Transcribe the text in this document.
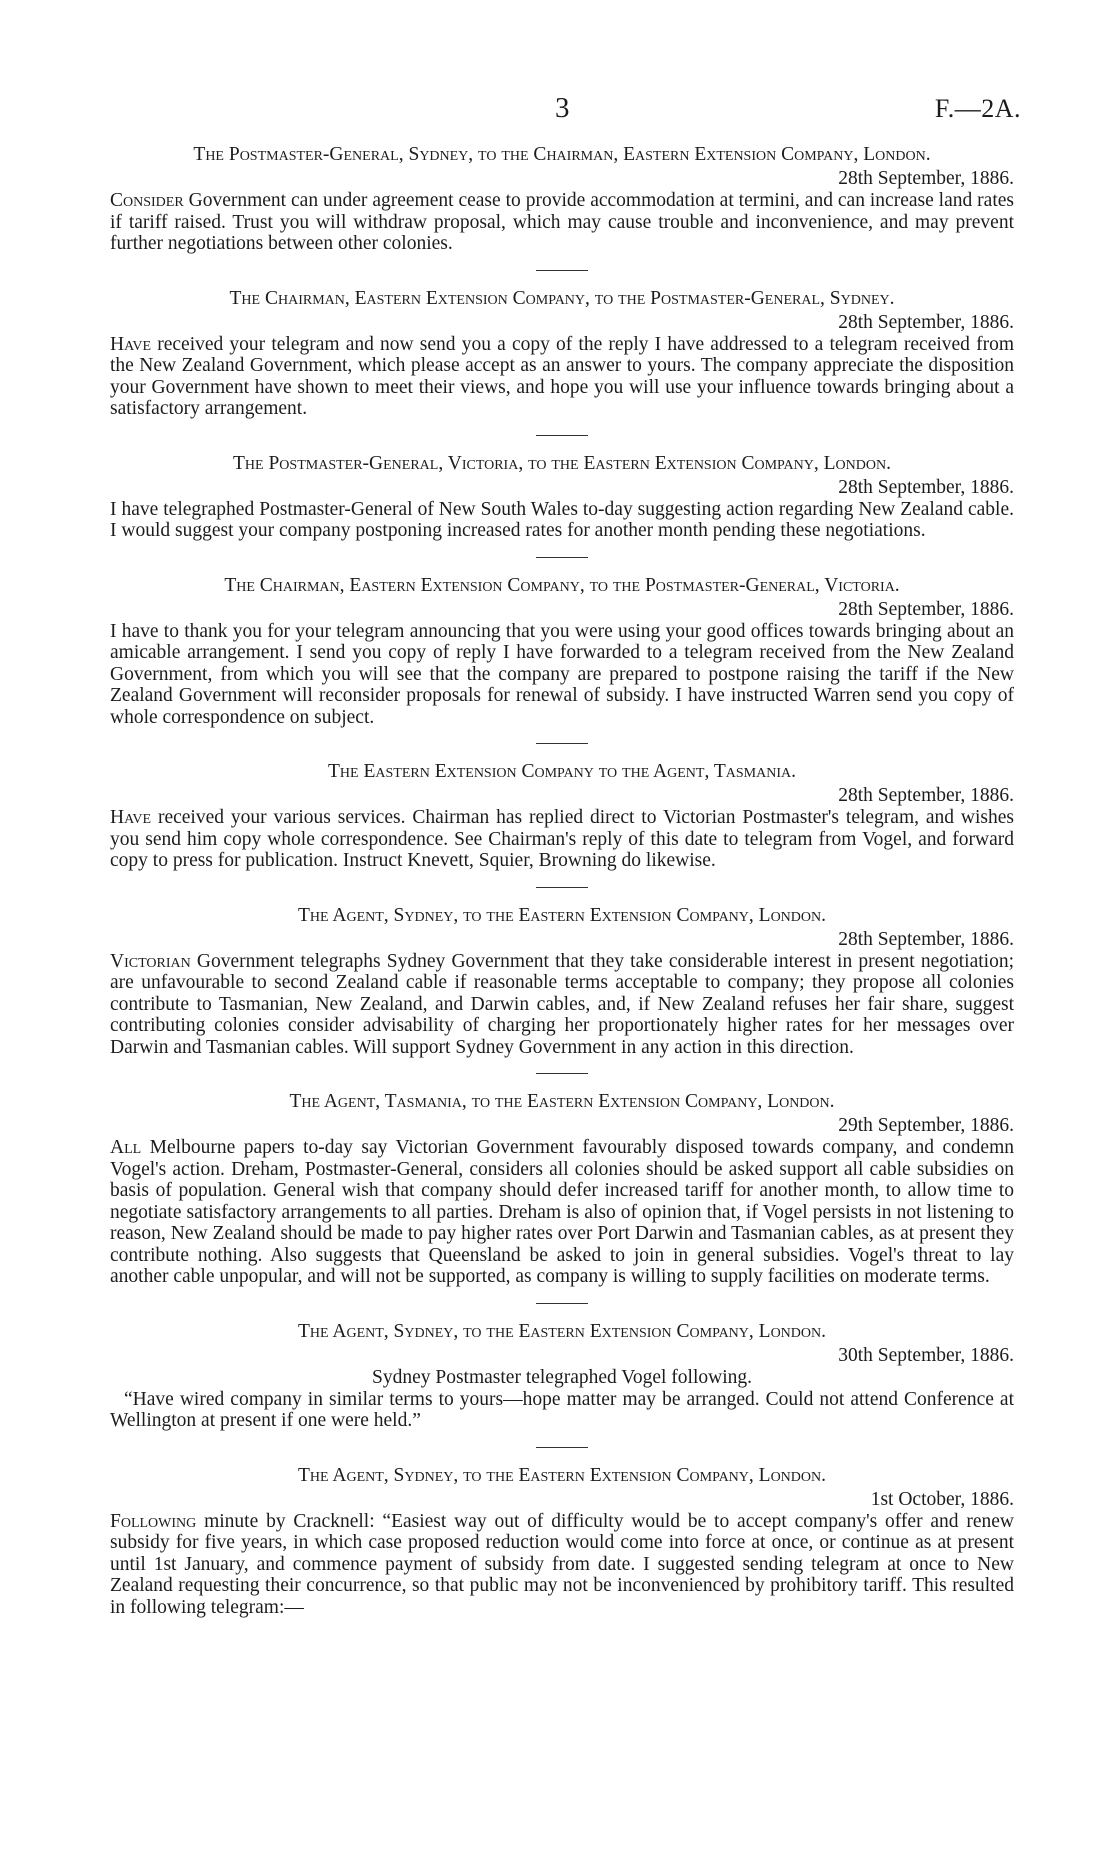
3	F.—2A.

The Postmaster-General, Sydney, to the Chairman, Eastern Extension Company, London.

28th September, 1886.

Consider Government can under agreement cease to provide accommodation at termini, and can increase land rates if tariff raised. Trust you will withdraw proposal, which may cause trouble and inconvenience, and may prevent further negotiations between other colonies.

The Chairman, Eastern Extension Company, to the Postmaster-General, Sydney.

28th September, 1886.

Have received your telegram and now send you a copy of the reply I have addressed to a telegram received from the New Zealand Government, which please accept as an answer to yours. The company appreciate the disposition your Government have shown to meet their views, and hope you will use your influence towards bringing about a satisfactory arrangement.

The Postmaster-General, Victoria, to the Eastern Extension Company, London.

28th September, 1886.

I have telegraphed Postmaster-General of New South Wales to-day suggesting action regarding New Zealand cable. I would suggest your company postponing increased rates for another month pending these negotiations.

The Chairman, Eastern Extension Company, to the Postmaster-General, Victoria.

28th September, 1886.

I have to thank you for your telegram announcing that you were using your good offices towards bringing about an amicable arrangement. I send you copy of reply I have forwarded to a telegram received from the New Zealand Government, from which you will see that the company are prepared to postpone raising the tariff if the New Zealand Government will reconsider proposals for renewal of subsidy. I have instructed Warren send you copy of whole correspondence on subject.

The Eastern Extension Company to the Agent, Tasmania.

28th September, 1886.

Have received your various services. Chairman has replied direct to Victorian Postmaster's telegram, and wishes you send him copy whole correspondence. See Chairman's reply of this date to telegram from Vogel, and forward copy to press for publication. Instruct Knevett, Squier, Browning do likewise.

The Agent, Sydney, to the Eastern Extension Company, London.

28th September, 1886.

Victorian Government telegraphs Sydney Government that they take considerable interest in present negotiation; are unfavourable to second Zealand cable if reasonable terms acceptable to company; they propose all colonies contribute to Tasmanian, New Zealand, and Darwin cables, and, if New Zealand refuses her fair share, suggest contributing colonies consider advisability of charging her proportionately higher rates for her messages over Darwin and Tasmanian cables. Will support Sydney Government in any action in this direction.

The Agent, Tasmania, to the Eastern Extension Company, London.

29th September, 1886.

All Melbourne papers to-day say Victorian Government favourably disposed towards company, and condemn Vogel's action. Dreham, Postmaster-General, considers all colonies should be asked support all cable subsidies on basis of population. General wish that company should defer increased tariff for another month, to allow time to negotiate satisfactory arrangements to all parties. Dreham is also of opinion that, if Vogel persists in not listening to reason, New Zealand should be made to pay higher rates over Port Darwin and Tasmanian cables, as at present they contribute nothing. Also suggests that Queensland be asked to join in general subsidies. Vogel's threat to lay another cable unpopular, and will not be supported, as company is willing to supply facilities on moderate terms.

The Agent, Sydney, to the Eastern Extension Company, London.

30th September, 1886.

Sydney Postmaster telegraphed Vogel following.

“Have wired company in similar terms to yours—hope matter may be arranged. Could not attend Conference at Wellington at present if one were held.”

The Agent, Sydney, to the Eastern Extension Company, London.

1st October, 1886.

Following minute by Cracknell: “Easiest way out of difficulty would be to accept company's offer and renew subsidy for five years, in which case proposed reduction would come into force at once, or continue as at present until 1st January, and commence payment of subsidy from date. I suggested sending telegram at once to New Zealand requesting their concurrence, so that public may not be inconvenienced by prohibitory tariff. This resulted in following telegram:—
